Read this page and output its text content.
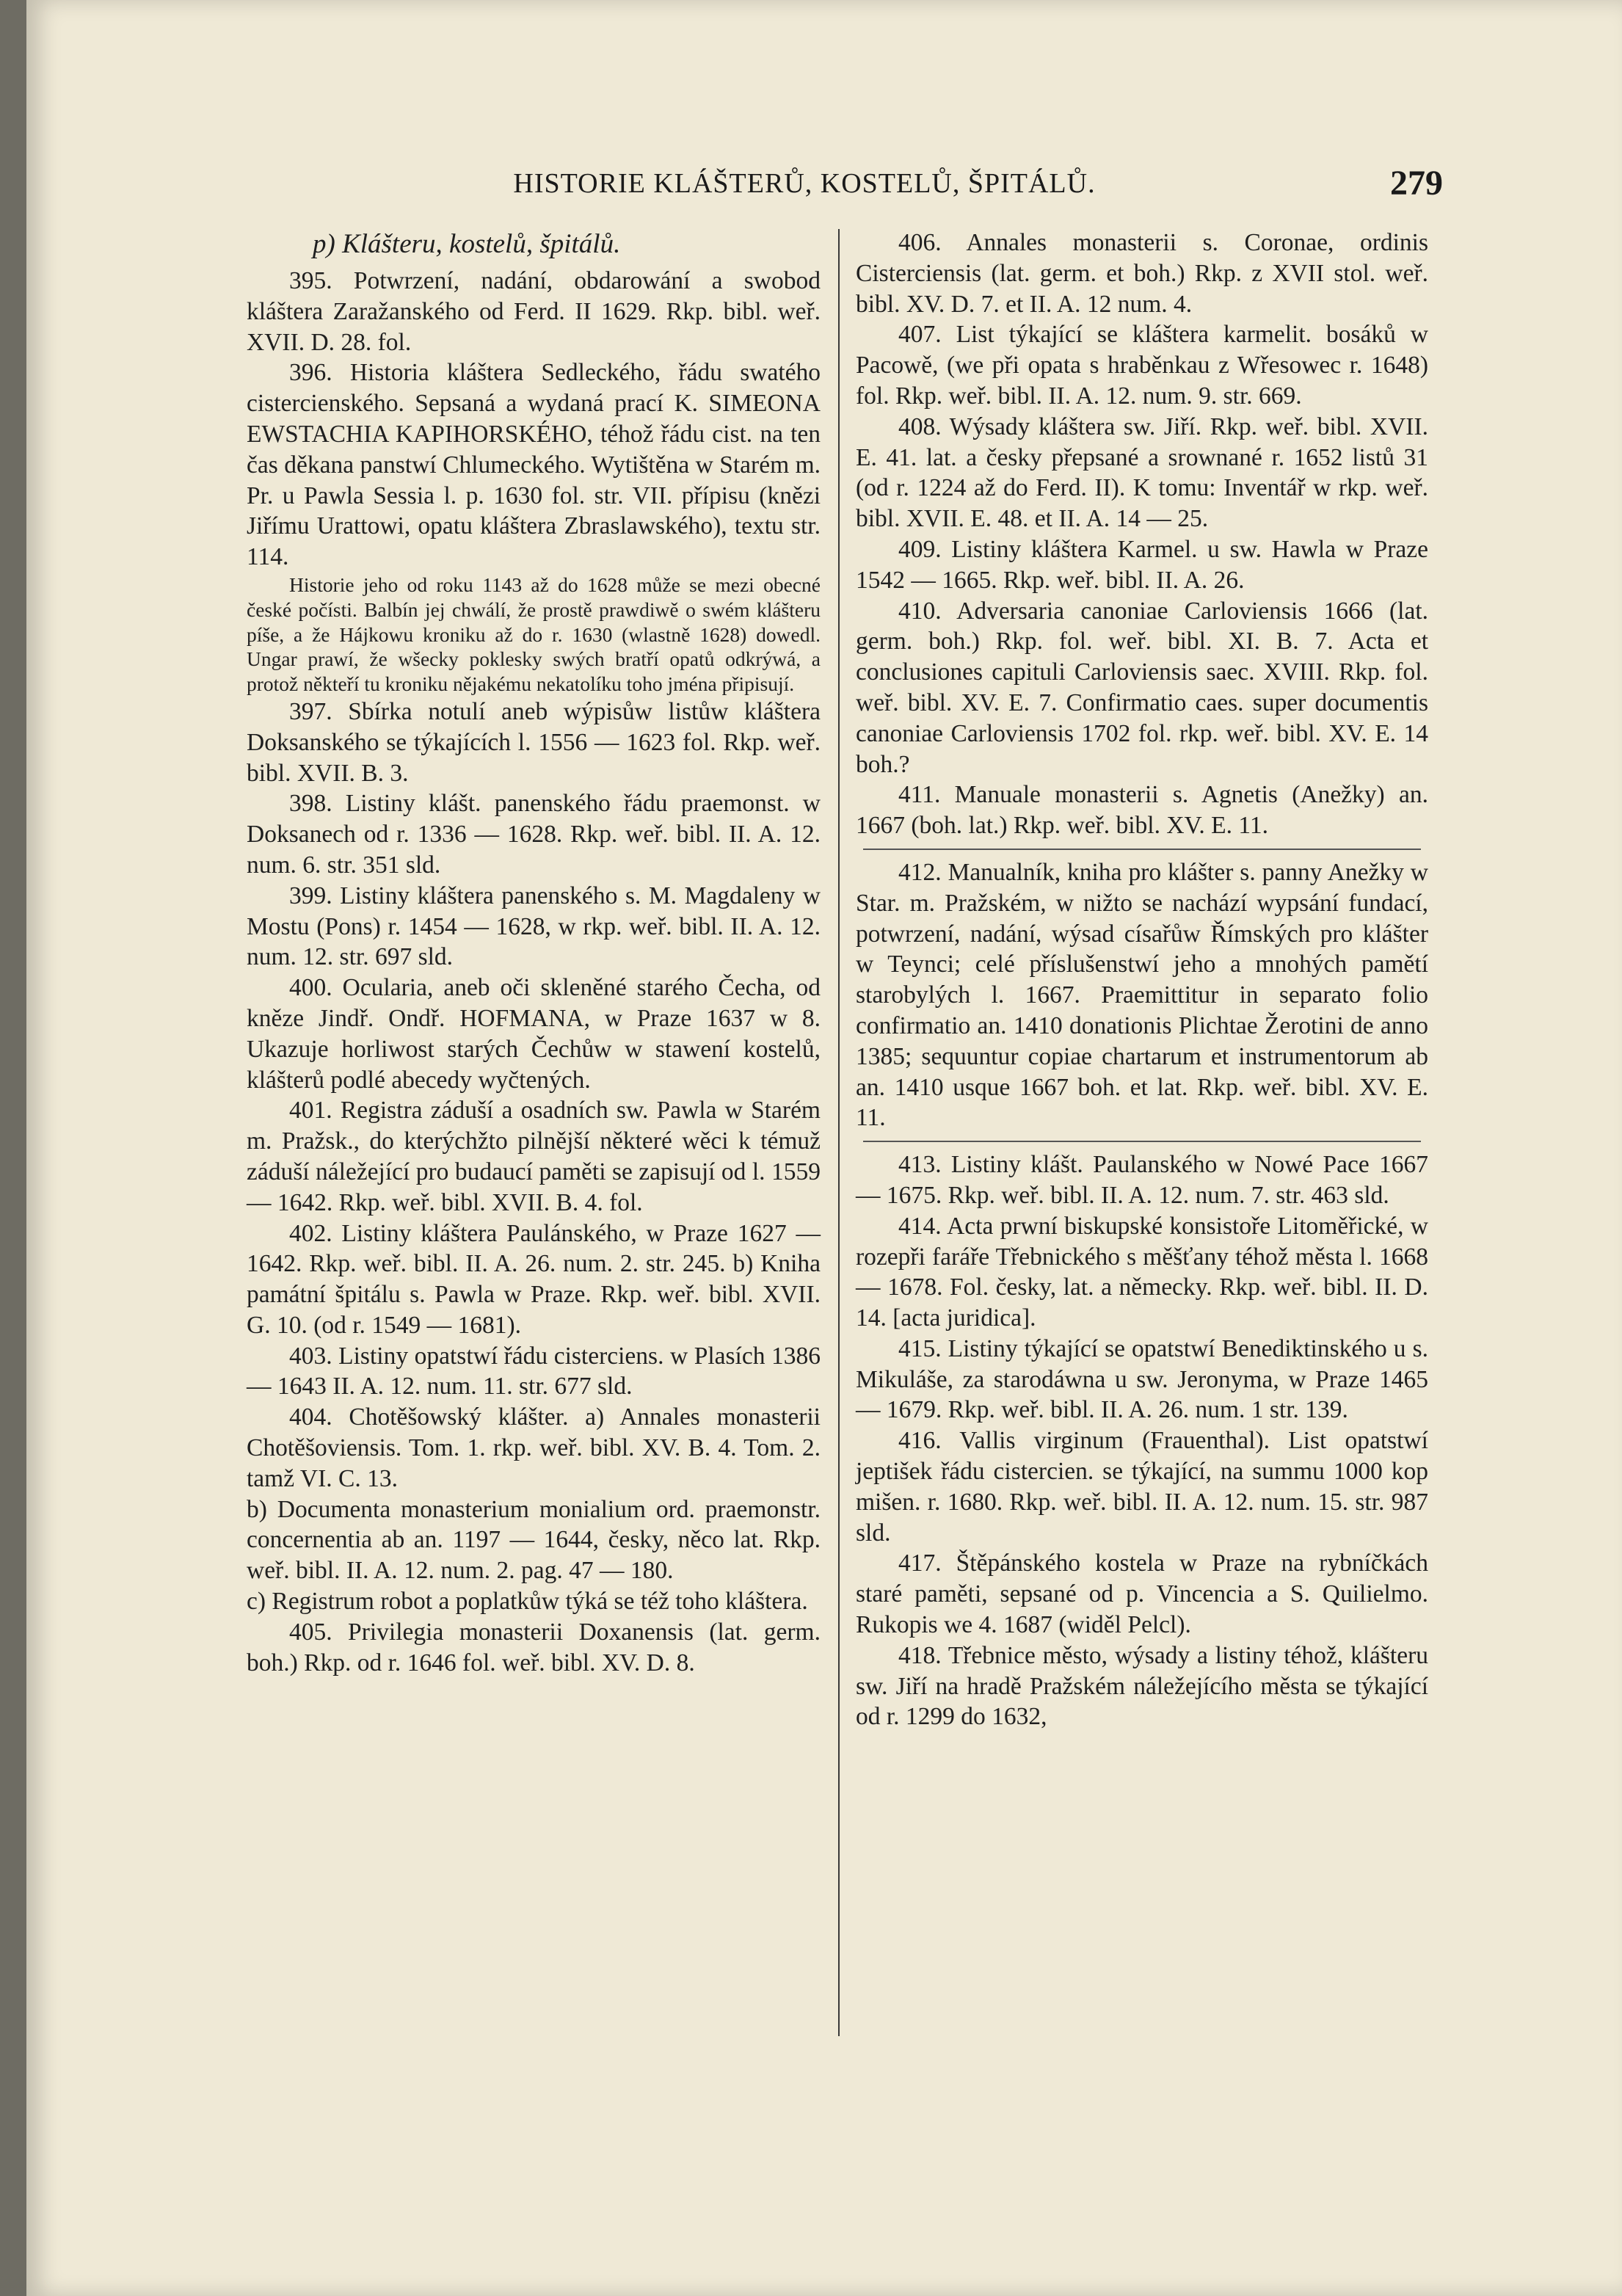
HISTORIE KLÁŠTERŮ, KOSTELŮ, ŠPITÁLŮ.	279

p) Klášteru, kostelů, špitálů.

395. Potwrzení, nadání, obdarowání a swobod kláštera Zaražanského od Ferd. II 1629. Rkp. bibl. weř. XVII. D. 28. fol.

396. Historia kláštera Sedleckého, řádu swatého cistercienského. Sepsaná a wydaná prací K. SIMEONA EWSTACHIA KAPIHORSKÉHO, téhož řádu cist. na ten čas děkana panstwí Chlumeckého. Wytištěna w Starém m. Pr. u Pawla Sessia l. p. 1630 fol. str. VII. přípisu (knězi Jiřímu Urattowi, opatu kláštera Zbraslawského), textu str. 114.

Historie jeho od roku 1143 až do 1628 může se mezi obecné české počísti. Balbín jej chwálí, že prostě prawdiwě o swém klášteru píše, a že Hájkowu kroniku až do r. 1630 (wlastně 1628) dowedl. Ungar prawí, že wšecky poklesky swých bratří opatů odkrýwá, a protož někteří tu kroniku nějakému nekatolíku toho jména připisují.

397. Sbírka notulí aneb wýpisůw listůw kláštera Doksanského se týkajících l. 1556 — 1623 fol. Rkp. weř. bibl. XVII. B. 3.

398. Listiny klášt. panenského řádu praemonst. w Doksanech od r. 1336 — 1628. Rkp. weř. bibl. II. A. 12. num. 6. str. 351 sld.

399. Listiny kláštera panenského s. M. Magdaleny w Mostu (Pons) r. 1454 — 1628, w rkp. weř. bibl. II. A. 12. num. 12. str. 697 sld.

400. Ocularia, aneb oči skleněné starého Čecha, od kněze Jindř. Ondř. HOFMANA, w Praze 1637 w 8. Ukazuje horliwost starých Čechůw w stawení kostelů, klášterů podlé abecedy wyčtených.

401. Registra záduší a osadních sw. Pawla w Starém m. Pražsk., do kterýchžto pilnější některé wěci k témuž záduší náležející pro budaucí paměti se zapisují od l. 1559 — 1642. Rkp. weř. bibl. XVII. B. 4. fol.

402. Listiny kláštera Paulánského, w Praze 1627 — 1642. Rkp. weř. bibl. II. A. 26. num. 2. str. 245. b) Kniha památní špitálu s. Pawla w Praze. Rkp. weř. bibl. XVII. G. 10. (od r. 1549 — 1681).

403. Listiny opatstwí řádu cisterciens. w Plasích 1386 — 1643 II. A. 12. num. 11. str. 677 sld.

404. Chotěšowský klášter. a) Annales monasterii Chotěšoviensis. Tom. 1. rkp. weř. bibl. XV. B. 4. Tom. 2. tamž VI. C. 13.

b) Documenta monasterium monialium ord. praemonstr. concernentia ab an. 1197 — 1644, česky, něco lat. Rkp. weř. bibl. II. A. 12. num. 2. pag. 47 — 180.

c) Registrum robot a poplatkůw týká se též toho kláštera.

405. Privilegia monasterii Doxanensis (lat. germ. boh.) Rkp. od r. 1646 fol. weř. bibl. XV. D. 8.

406. Annales monasterii s. Coronae, ordinis Cisterciensis (lat. germ. et boh.) Rkp. z XVII stol. weř. bibl. XV. D. 7. et II. A. 12 num. 4.

407. List týkající se kláštera karmelit. bosáků w Pacowě, (we při opata s hraběnkau z Wřesowec r. 1648) fol. Rkp. weř. bibl. II. A. 12. num. 9. str. 669.

408. Wýsady kláštera sw. Jiří. Rkp. weř. bibl. XVII. E. 41. lat. a česky přepsané a srownané r. 1652 listů 31 (od r. 1224 až do Ferd. II). K tomu: Inventář w rkp. weř. bibl. XVII. E. 48. et II. A. 14 — 25.

409. Listiny kláštera Karmel. u sw. Hawla w Praze 1542 — 1665. Rkp. weř. bibl. II. A. 26.

410. Adversaria canoniae Carloviensis 1666 (lat. germ. boh.) Rkp. fol. weř. bibl. XI. B. 7. Acta et conclusiones capituli Carloviensis saec. XVIII. Rkp. fol. weř. bibl. XV. E. 7. Confirmatio caes. super documentis canoniae Carloviensis 1702 fol. rkp. weř. bibl. XV. E. 14 boh.?

411. Manuale monasterii s. Agnetis (Anežky) an. 1667 (boh. lat.) Rkp. weř. bibl. XV. E. 11.

412. Manualník, kniha pro klášter s. panny Anežky w Star. m. Pražském, w nižto se nachází wypsání fundací, potwrzení, nadání, wýsad císařůw Římských pro klášter w Teynci; celé příslušenstwí jeho a mnohých pamětí starobylých l. 1667. Praemittitur in separato folio confirmatio an. 1410 donationis Plichtae Žerotini de anno 1385; sequuntur copiae chartarum et instrumentorum ab an. 1410 usque 1667 boh. et lat. Rkp. weř. bibl. XV. E. 11.

413. Listiny klášt. Paulanského w Nowé Pace 1667 — 1675. Rkp. weř. bibl. II. A. 12. num. 7. str. 463 sld.

414. Acta prwní biskupské konsistoře Litoměřické, w rozepři faráře Třebnického s měšťany téhož města l. 1668 — 1678. Fol. česky, lat. a německy. Rkp. weř. bibl. II. D. 14. [acta juridica].

415. Listiny týkající se opatstwí Benediktinského u s. Mikuláše, za starodáwna u sw. Jeronyma, w Praze 1465 — 1679. Rkp. weř. bibl. II. A. 26. num. 1 str. 139.

416. Vallis virginum (Frauenthal). List opatstwí jeptišek řádu cistercien. se týkající, na summu 1000 kop mišen. r. 1680. Rkp. weř. bibl. II. A. 12. num. 15. str. 987 sld.

417. Štěpánského kostela w Praze na rybníčkách staré paměti, sepsané od p. Vincencia a S. Quilielmo. Rukopis we 4. 1687 (widěl Pelcl).

418. Třebnice město, wýsady a listiny téhož, klášteru sw. Jiří na hradě Pražském náležejícího města se týkající od r. 1299 do 1632,
